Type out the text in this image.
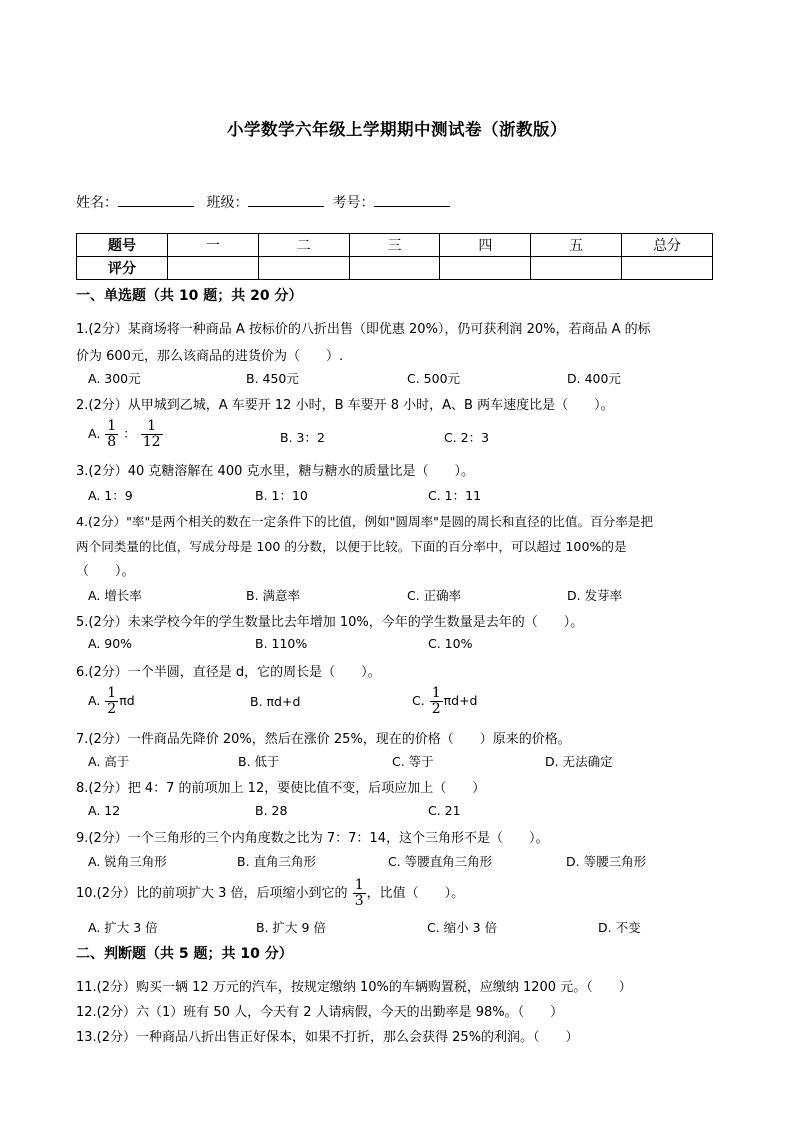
小学数学六年级上学期期中测试卷（浙教版）
姓名：	班级：	考号：
题号	一	二	三	四	五	总分
评分						
一、单选题（共 10 题；共 20 分）
1.(2分）某商场将一种商品 A 按标价的八折出售（即优惠 20%），仍可获利润 20%，若商品 A 的标
价为 600元，那么该商品的进货价为（　　）.
A. 300元	B. 450元	C. 500元	D. 400元
2.(2分）从甲城到乙城，A 车要开 12 小时，B 车要开 8 小时，A、B 两车速度比是（　　）。
A. $\frac{1}{8}$ ： $\frac{1}{12}$	B. 3：2	C. 2：3
3.(2分）40 克糖溶解在 400 克水里，糖与糖水的质量比是（　　）。
A. 1：9	B. 1：10	C. 1：11
4.(2分）"率"是两个相关的数在一定条件下的比值，例如"圆周率"是圆的周长和直径的比值。百分率是把
两个同类量的比值，写成分母是 100 的分数，以便于比较。下面的百分率中，可以超过 100%的是
（　　）。
A. 增长率	B. 满意率	C. 正确率	D. 发芽率
5.(2分）未来学校今年的学生数量比去年增加 10%，今年的学生数量是去年的（　　）。
A. 90%	B. 110%	C. 10%
6.(2分）一个半圆，直径是 d，它的周长是（　　）。
A. $\frac{1}{2}$ πd	B. πd+d	C. $\frac{1}{2} \pi d+d$
7.(2分）一件商品先降价 20%，然后在涨价 25%，现在的价格（　　）原来的价格。
A. 高于	B. 低于	C. 等于	D. 无法确定
8.(2分）把 4：7 的前项加上 12，要使比值不变，后项应加上（　　）
A. 12	B. 28	C. 21
9.(2分）一个三角形的三个内角度数之比为 7：7：14，这个三角形不是（　　）。
A. 锐角三角形	B. 直角三角形	C. 等腰直角三角形	D. 等腰三角形
10.(2分）比的前项扩大 3 倍，后项缩小到它的 $\frac{1}{3}$ ，比值（　　）。
A. 扩大 3 倍	B. 扩大 9 倍	C. 缩小 3 倍	D. 不变
二、判断题（共 5 题；共 10 分）
11.(2分）购买一辆 12 万元的汽车，按规定缴纳 10%的车辆购置税，应缴纳 1200 元。（　　）
12.(2分）六（1）班有 50 人，今天有 2 人请病假，今天的出勤率是 98%。（　　）
13.(2分）一种商品八折出售正好保本，如果不打折，那么会获得 25%的利润。（　　）
